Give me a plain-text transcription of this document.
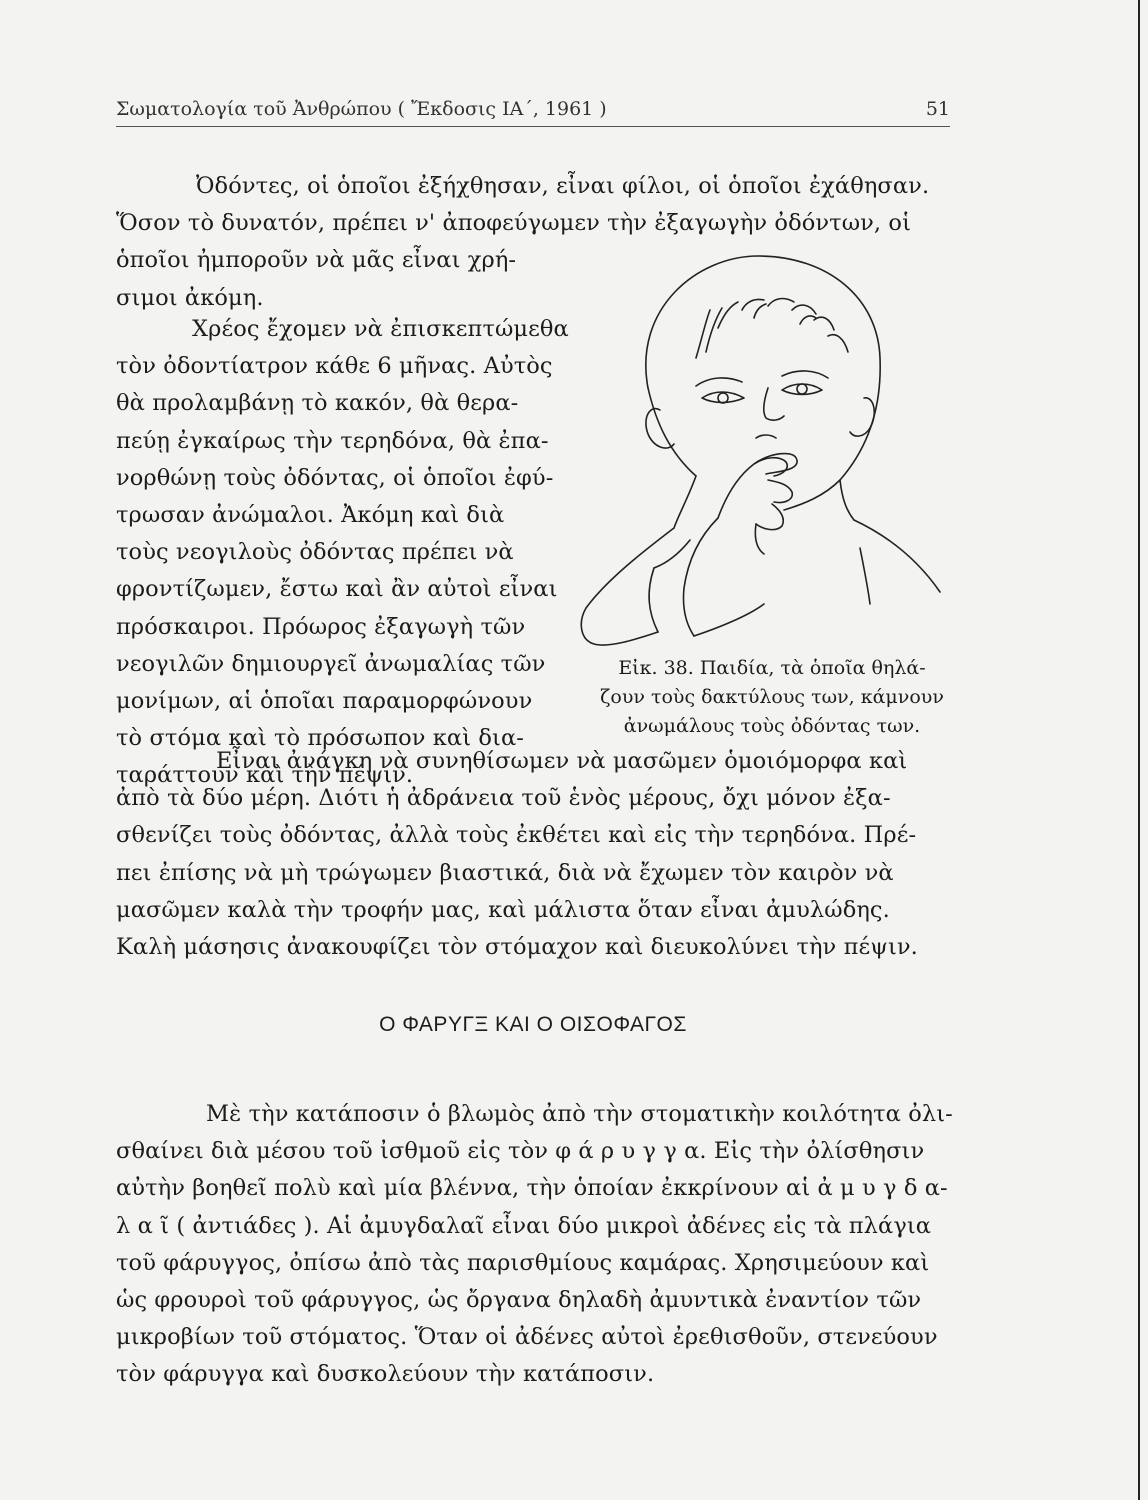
Σωματολογία τοῦ Ἀνθρώπου ( Ἔκδοσις ΙΑ΄, 1961 )	51

Ὀδόντες, οἱ ὁποῖοι ἐξήχθησαν, εἶναι φίλοι, οἱ ὁποῖοι ἐχάθησαν.
Ὅσον τὸ δυνατόν, πρέπει ν' ἀποφεύγωμεν τὴν ἐξαγωγὴν ὀδόντων, οἱ
ὁποῖοι ἠμποροῦν νὰ μᾶς εἶναι χρή-
σιμοι ἀκόμη.

Χρέος ἔχομεν νὰ ἐπισκεπτώμεθα
τὸν ὀδοντίατρον κάθε 6 μῆνας. Αὐτὸς
θὰ προλαμβάνῃ τὸ κακόν, θὰ θερα-
πεύῃ ἐγκαίρως τὴν τερηδόνα, θὰ ἐπα-
νορθώνῃ τοὺς ὀδόντας, οἱ ὁποῖοι ἐφύ-
τρωσαν ἀνώμαλοι. Ἀκόμη καὶ διὰ
τοὺς νεογιλοὺς ὀδόντας πρέπει νὰ
φροντίζωμεν, ἔστω καὶ ἂν αὐτοὶ εἶναι
πρόσκαιροι. Πρόωρος ἐξαγωγὴ τῶν
νεογιλῶν δημιουργεῖ ἀνωμαλίας τῶν
μονίμων, αἱ ὁποῖαι παραμορφώνουν
τὸ στόμα καὶ τὸ πρόσωπον καὶ δια-
ταράττουν καὶ τὴν πέψιν.

Εἰκ. 38. Παιδία, τὰ ὁποῖα θηλά-
ζουν τοὺς δακτύλους των, κάμνουν
ἀνωμάλους τοὺς ὀδόντας των.

Εἶναι ἀνάγκη νὰ συνηθίσωμεν νὰ μασῶμεν ὁμοιόμορφα καὶ
ἀπὸ τὰ δύο μέρη. Διότι ἡ ἀδράνεια τοῦ ἑνὸς μέρους, ὄχι μόνον ἐξα-
σθενίζει τοὺς ὀδόντας, ἀλλὰ τοὺς ἐκθέτει καὶ εἰς τὴν τερηδόνα. Πρέ-
πει ἐπίσης νὰ μὴ τρώγωμεν βιαστικά, διὰ νὰ ἔχωμεν τὸν καιρὸν νὰ
μασῶμεν καλὰ τὴν τροφήν μας, καὶ μάλιστα ὅταν εἶναι ἀμυλώδης.
Καλὴ μάσησις ἀνακουφίζει τὸν στόμαχον καὶ διευκολύνει τὴν πέψιν.

Ο ΦΑΡΥΓΞ ΚΑΙ Ο ΟΙΣΟΦΑΓΟΣ

Μὲ τὴν κατάποσιν ὁ βλωμὸς ἀπὸ τὴν στοματικὴν κοιλότητα ὀλι-
σθαίνει διὰ μέσου τοῦ ἰσθμοῦ εἰς τὸν φ ά ρ υ γ γ α. Εἰς τὴν ὀλίσθησιν
αὐτὴν βοηθεῖ πολὺ καὶ μία βλέννα, τὴν ὁποίαν ἐκκρίνουν αἱ ἀ μ υ γ δ α-
λ α ῖ ( ἀντιάδες ). Αἱ ἀμυγδαλαῖ εἶναι δύο μικροὶ ἀδένες εἰς τὰ πλάγια
τοῦ φάρυγγος, ὀπίσω ἀπὸ τὰς παρισθμίους καμάρας. Χρησιμεύουν καὶ
ὡς φρουροὶ τοῦ φάρυγγος, ὡς ὄργανα δηλαδὴ ἀμυντικὰ ἐναντίον τῶν
μικροβίων τοῦ στόματος. Ὅταν οἱ ἀδένες αὐτοὶ ἐρεθισθοῦν, στενεύουν
τὸν φάρυγγα καὶ δυσκολεύουν τὴν κατάποσιν.
